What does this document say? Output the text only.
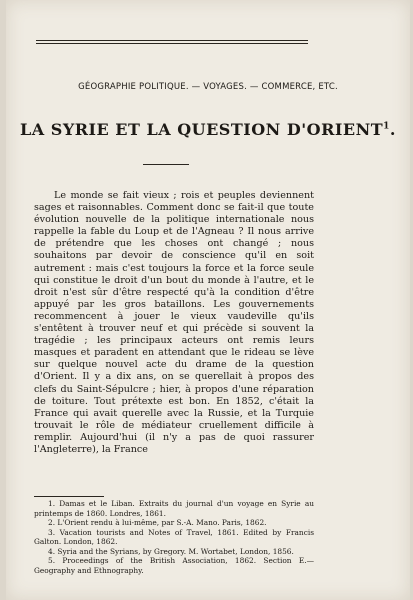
GÉOGRAPHIE POLITIQUE. — VOYAGES. — COMMERCE, ETC.
LA SYRIE ET LA QUESTION D'ORIENT$^1$.

Le monde se fait vieux ; rois et peuples deviennent sages et raisonnables. Comment donc se fait-il que toute évolution nouvelle de la politique internationale nous rappelle la fable du Loup et de l'Agneau ? Il nous arrive de prétendre que les choses ont changé ; nous souhaitons par devoir de conscience qu'il en soit autrement : mais c'est toujours la force et la force seule qui constitue le droit d'un bout du monde à l'autre, et le droit n'est sûr d'être respecté qu'à la condition d'être appuyé par les gros bataillons. Les gouvernements recommencent à jouer le vieux vaudeville qu'ils s'entêtent à trouver neuf et qui précède si souvent la tragédie ; les principaux acteurs ont remis leurs masques et paradent en attendant que le rideau se lève sur quelque nouvel acte du drame de la question d'Orient. Il y a dix ans, on se querellait à propos des clefs du Saint-Sépulcre ; hier, à propos d'une réparation de toiture. Tout prétexte est bon. En 1852, c'était la France qui avait querelle avec la Russie, et la Turquie trouvait le rôle de médiateur cruellement difficile à remplir. Aujourd'hui (il n'y a pas de quoi rassurer l'Angleterre), la France

1. Damas et le Liban. Extraits du journal d'un voyage en Syrie au printemps de 1860. Londres, 1861.
2. L'Orient rendu à lui-même, par S.-A. Mano. Paris, 1862.
3. Vacation tourists and Notes of Travel, 1861. Edited by Francis Galton. London, 1862.
4. Syria and the Syrians, by Gregory. M. Wortabet, London, 1856.
5. Proceedings of the British Association, 1862. Section E.— Geography and Ethnography.
